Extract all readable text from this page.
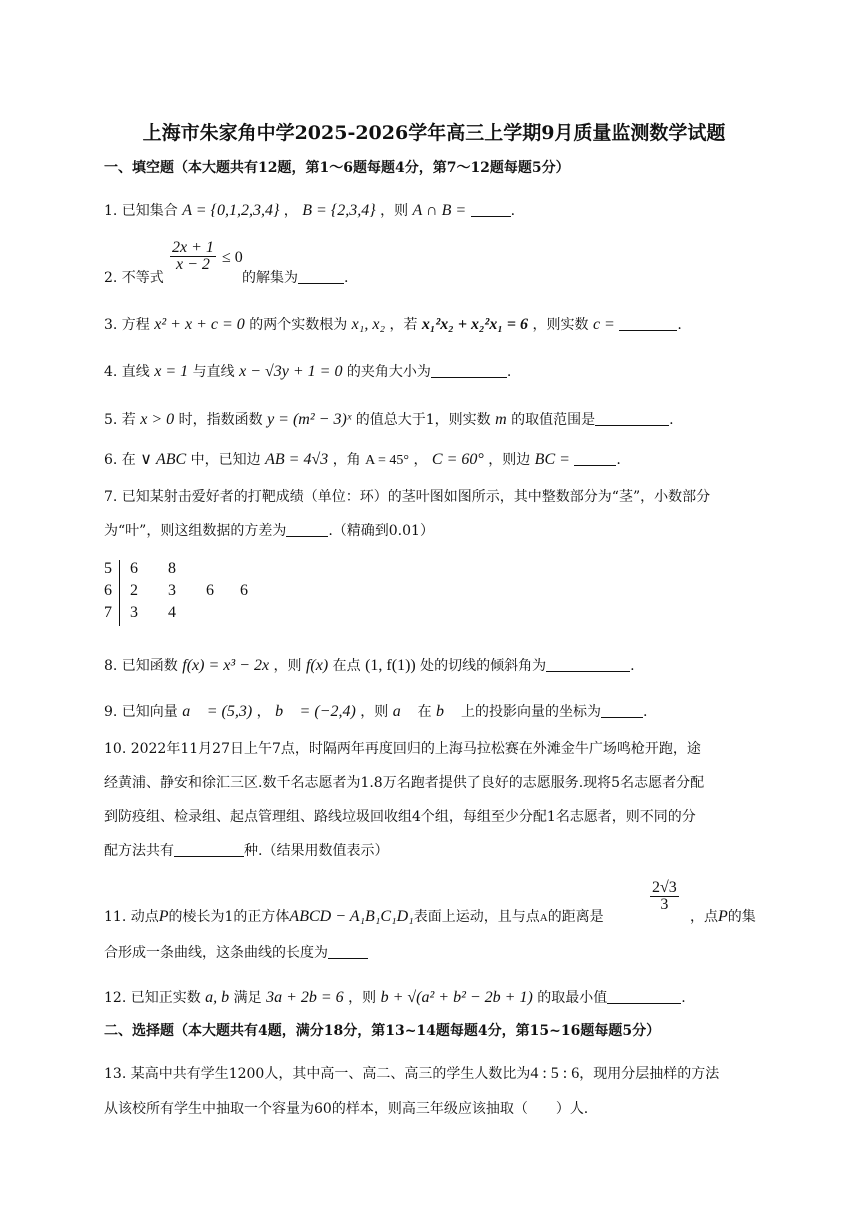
上海市朱家角中学2025-2026学年高三上学期9月质量监测数学试题
一、填空题（本大题共有12题，第1～6题每题4分，第7～12题每题5分）
1. 已知集合 A = {0,1,2,3,4} ， B = {2,3,4} ，则 A ∩ B =	.
2. 不等式
$\frac{2x + 1}{x - 2} \le 0$
的解集为	.
3. 方程 x² + x + c = 0 的两个实数根为 x₁, x₂ ，若 x₁²x₂ + x₂²x₁ = 6 ，则实数 c =	.
4. 直线 x = 1 与直线 x − √3y + 1 = 0 的夹角大小为	.
5. 若 x > 0 时，指数函数 y = (m² − 3)ˣ 的值总大于1，则实数 m 的取值范围是	.
6. 在 ∨ ABC 中，已知边 AB = 4√3 ，角 A = 45° ， C = 60° ，则边 BC =	.
7. 已知某射击爱好者的打靶成绩（单位：环）的茎叶图如图所示，其中整数部分为“茎”，小数部分
为“叶”，则这组数据的方差为	.（精确到0.01）
5	6	8
6	2	3	6	6
7	3	4
8. 已知函数 f(x) = x³ − 2x ，则 f(x) 在点 (1, f(1)) 处的切线的倾斜角为	.
9. 已知向量 a⃗ = (5,3) ， b⃗ = (−2,4) ，则 a⃗ 在 b⃗ 上的投影向量的坐标为	.
10. 2022年11月27日上午7点，时隔两年再度回归的上海马拉松赛在外滩金牛广场鸣枪开跑，途
经黄浦、静安和徐汇三区.数千名志愿者为1.8万名跑者提供了良好的志愿服务.现将5名志愿者分配
到防疫组、检录组、起点管理组、路线垃圾回收组4个组，每组至少分配1名志愿者，则不同的分
配方法共有	种.（结果用数值表示）
11. 动点P的棱长为1的正方体ABCD − A₁B₁C₁D₁表面上运动，且与点A的距离是
$\frac{2√3}{3}$
，点P的集
合形成一条曲线，这条曲线的长度为
12. 已知正实数 a, b 满足 3a + 2b = 6 ，则 b + √(a² + b² − 2b + 1) 的取最小值	.
二、选择题（本大题共有4题，满分18分，第13~14题每题4分，第15~16题每题5分）
13. 某高中共有学生1200人，其中高一、高二、高三的学生人数比为4 : 5 : 6，现用分层抽样的方法
从该校所有学生中抽取一个容量为60的样本，则高三年级应该抽取（　　）人.
